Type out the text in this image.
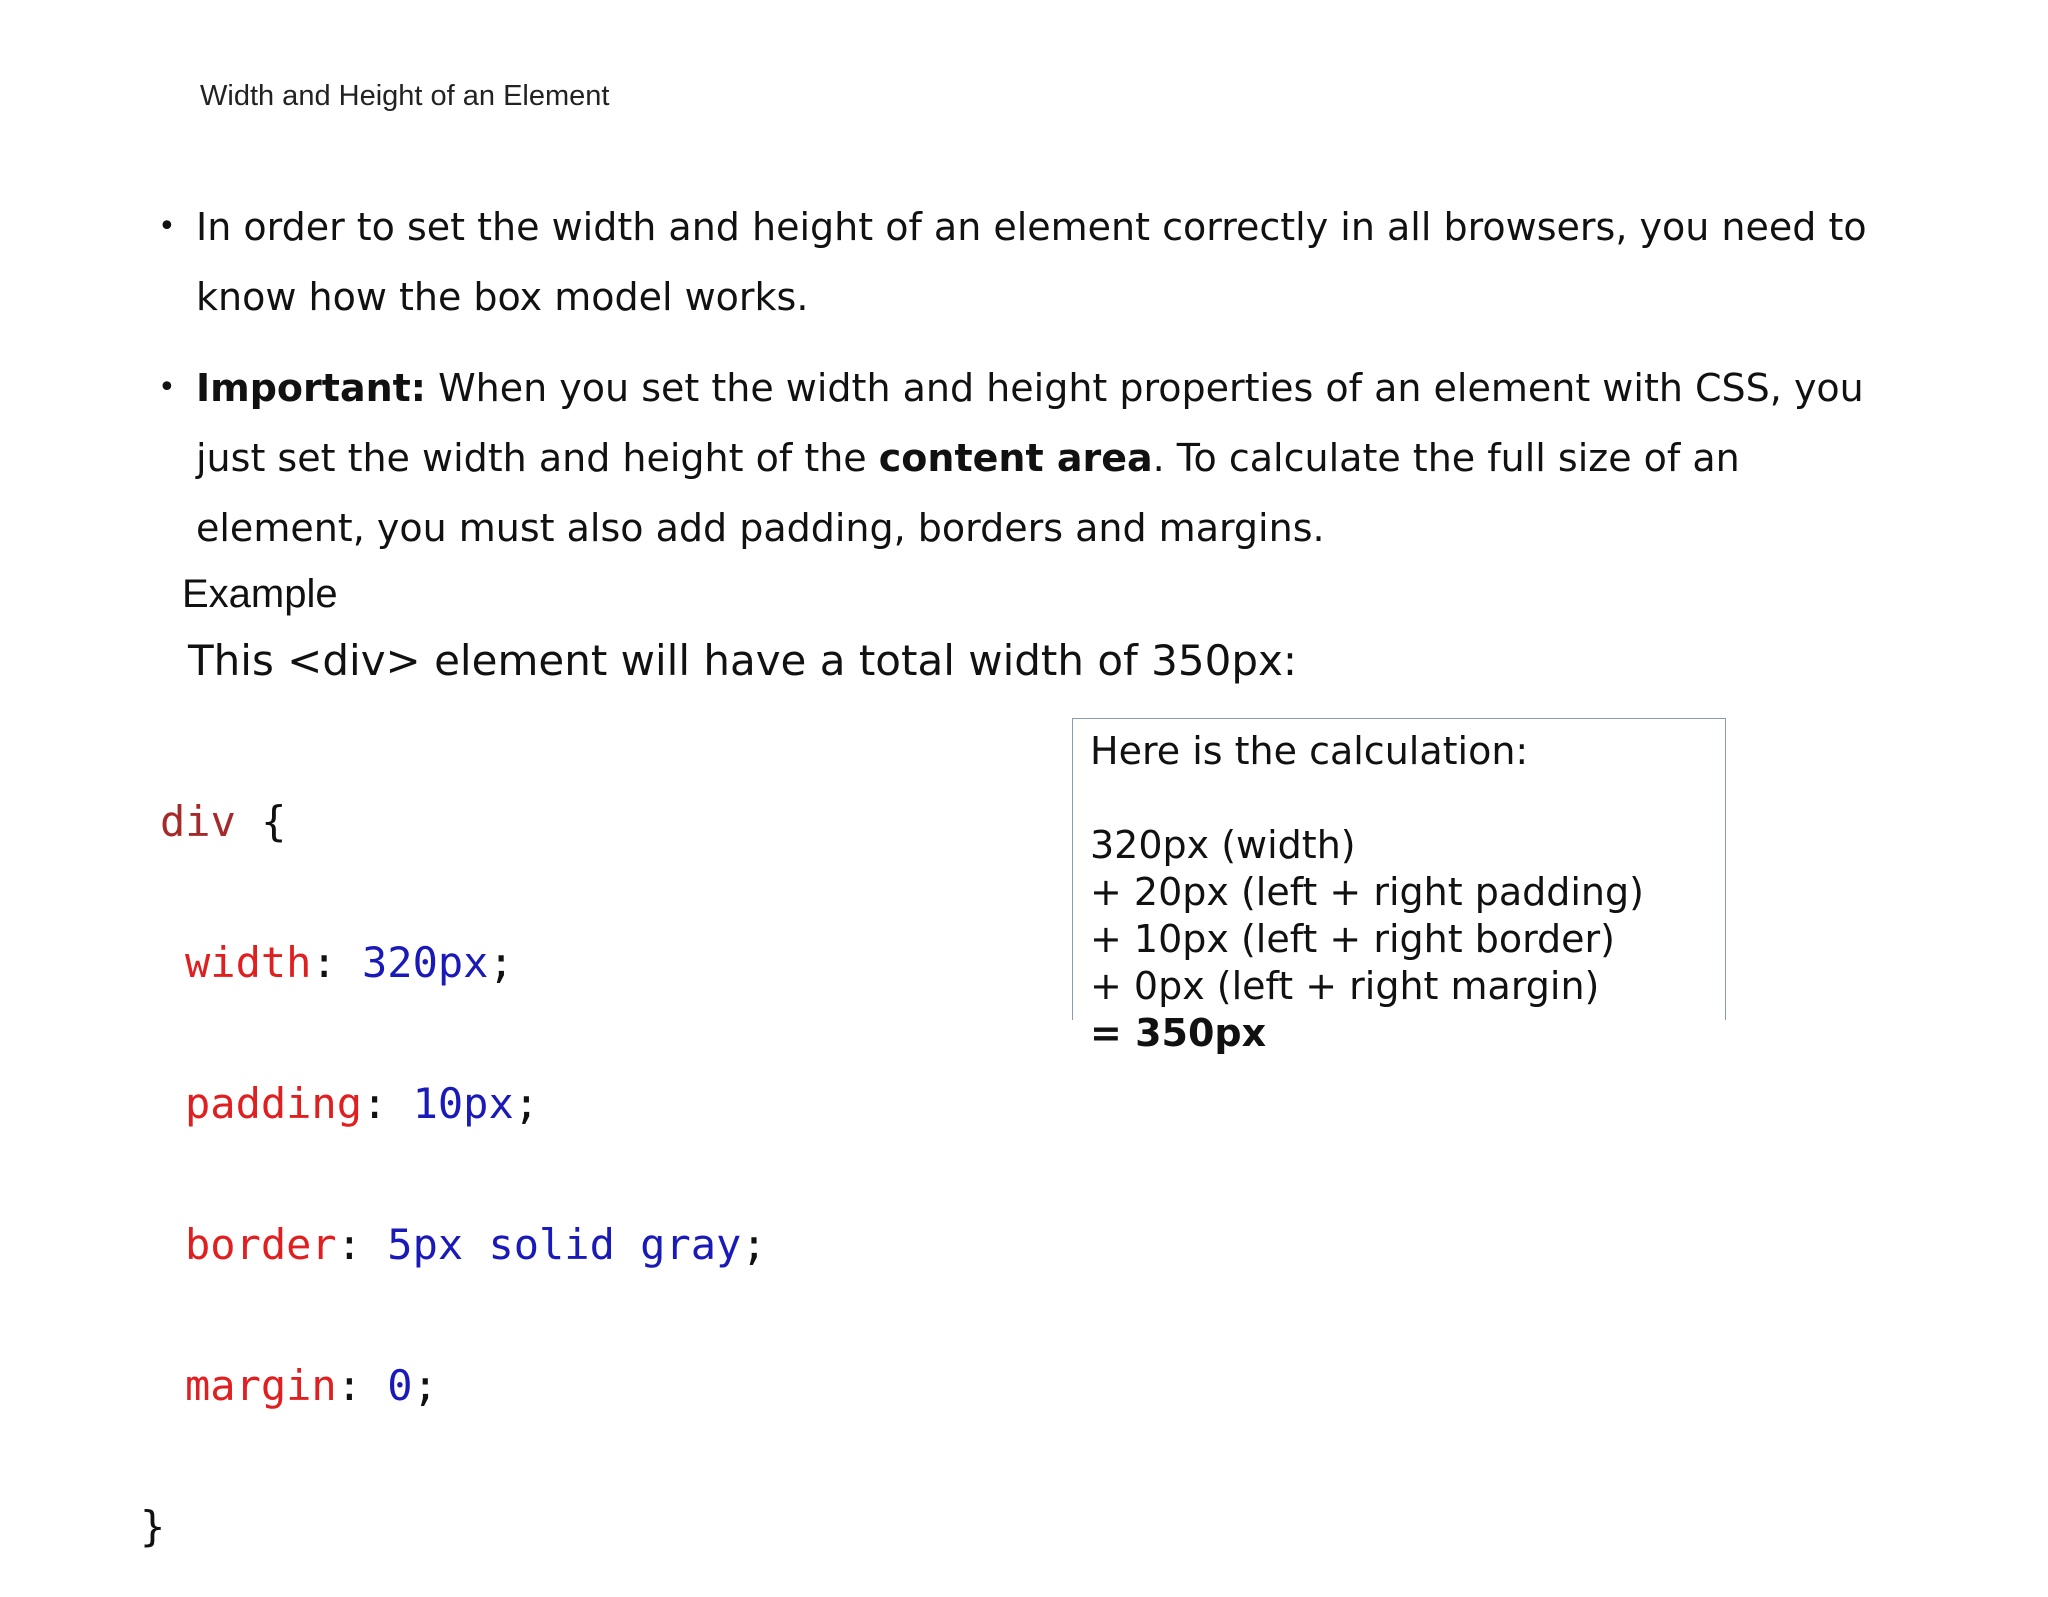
Width and Height of an Element
• In order to set the width and height of an element correctly in all browsers, you need to know how the box model works.
• Important: When you set the width and height properties of an element with CSS, you just set the width and height of the content area. To calculate the full size of an element, you must also add padding, borders and margins.
Example
This <div> element will have a total width of 350px:

div {

width: 320px;

padding: 10px;

border: 5px solid gray;

margin: 0;

}

Here is the calculation:
320px (width)
+ 20px (left + right padding)
+ 10px (left + right border)
+ 0px (left + right margin)
= 350px
